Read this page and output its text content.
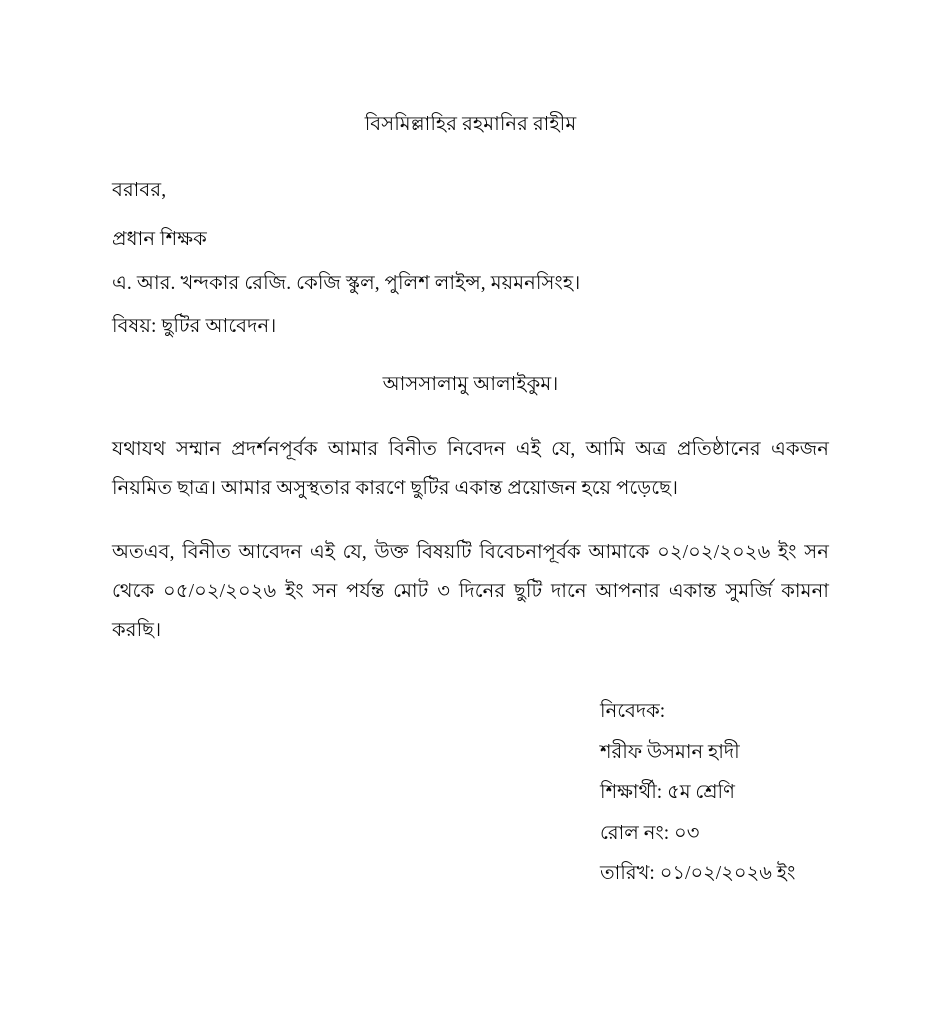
বিসমিল্লাহির রহমানির রাহীম
বরাবর,
প্রধান শিক্ষক
এ. আর. খন্দকার রেজি. কেজি স্কুল, পুলিশ লাইন্স, ময়মনসিংহ।
বিষয়: ছুটির আবেদন।
আসসালামু আলাইকুম।
যথাযথ সম্মান প্রদর্শনপূর্বক আমার বিনীত নিবেদন এই যে, আমি অত্র প্রতিষ্ঠানের একজন নিয়মিত ছাত্র। আমার অসুস্থতার কারণে ছুটির একান্ত প্রয়োজন হয়ে পড়েছে।
অতএব, বিনীত আবেদন এই যে, উক্ত বিষয়টি বিবেচনাপূর্বক আমাকে ০২/০২/২০২৬ ইং সন থেকে ০৫/০২/২০২৬ ইং সন পর্যন্ত মোট ৩ দিনের ছুটি দানে আপনার একান্ত সুমর্জি কামনা করছি।
নিবেদক:
শরীফ উসমান হাদী
শিক্ষার্থী: ৫ম শ্রেণি
রোল নং: ০৩
তারিখ: ০১/০২/২০২৬ ইং
